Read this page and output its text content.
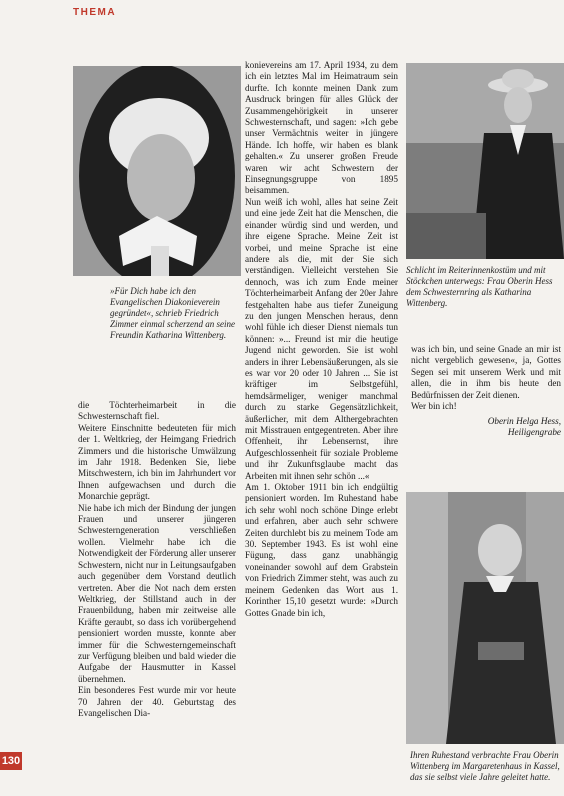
THEMA
»Für Dich habe ich den Evangelischen Diakonieverein gegründet«, schrieb Friedrich Zimmer einmal scherzend an seine Freundin Katharina Wittenberg.
Schlicht im Reiterinnenkostüm und mit Stöckchen unterwegs: Frau Oberin Hess dem Schwesternring als Katharina Wittenberg.
Ihren Ruhestand verbrachte Frau Oberin Wittenberg im Margaretenhaus in Kassel, das sie selbst viele Jahre geleitet hatte.

die Töchterheimarbeit in die Schwesternschaft fiel.

Weitere Einschnitte bedeuteten für mich der 1. Weltkrieg, der Heimgang Friedrich Zimmers und die historische Umwälzung im Jahr 1918. Bedenken Sie, liebe Mitschwestern, ich bin im Jahrhundert vor Ihnen aufgewachsen und durch die Monarchie geprägt.

Nie habe ich mich der Bindung der jungen Frauen und unserer jüngeren Schwesterngeneration verschließen wollen. Vielmehr habe ich die Notwendigkeit der Förderung aller unserer Schwestern, nicht nur in Leitungsaufgaben auch gegenüber dem Vorstand deutlich vertreten. Aber die Not nach dem ersten Weltkrieg, der Stillstand auch in der Frauenbildung, haben mir zeitweise alle Kräfte geraubt, so dass ich vorübergehend pensioniert worden musste, konnte aber immer für die Schwesterngemeinschaft zur Verfügung bleiben und bald wieder die Aufgabe der Hausmutter in Kassel übernehmen.

Ein besonderes Fest wurde mir vor heute 70 Jahren der 40. Geburtstag des Evangelischen Dia-

konievereins am 17. April 1934, zu dem ich ein letztes Mal im Heimatraum sein durfte. Ich konnte meinen Dank zum Ausdruck bringen für alles Glück der Zusammengehörigkeit in unserer Schwesternschaft, und sagen: »Ich gebe unser Vermächtnis weiter in jüngere Hände. Ich hoffe, wir haben es blank gehalten.« Zu unserer großen Freude waren wir acht Schwestern der Einsegnungsgruppe von 1895 beisammen.

Nun weiß ich wohl, alles hat seine Zeit und eine jede Zeit hat die Menschen, die einander würdig sind und werden, und ihre eigene Sprache. Meine Zeit ist vorbei, und meine Sprache ist eine andere als die, mit der Sie sich verständigen. Vielleicht verstehen Sie dennoch, was ich zum Ende meiner Töchterheimarbeit Anfang der 20er Jahre festgehalten habe aus tiefer Zuneigung zu den jungen Menschen heraus, denn wohl fühle ich dieser Dienst niemals tun können: »... Freund ist mir die heutige Jugend nicht geworden. Sie ist wohl anders in ihrer Lebensäußerungen, als sie es war vor 20 oder 10 Jahren ... Sie ist kräftiger im Selbstgefühl, hemdsärmeliger, weniger manchmal durch zu starke Gegensätzlichkeit, äußerlicher, mit dem Althergebrachten mit Misstrauen entgegentreten. Aber ihre Offenheit, ihr Lebensernst, ihre Aufgeschlossenheit für soziale Probleme und ihr Zukunftsglaube macht das Arbeiten mit ihnen sehr schön ...«

Am 1. Oktober 1911 bin ich endgültig pensioniert worden. Im Ruhestand habe ich sehr wohl noch schöne Dinge erlebt und erfahren, aber auch sehr schwere Zeiten durchlebt bis zu meinem Tode am 30. September 1943. Es ist wohl eine Fügung, dass ganz unabhängig voneinander sowohl auf dem Grabstein von Friedrich Zimmer steht, was auch zu meinem Gedenken das Wort aus 1. Korinther 15,10 gesetzt wurde: »Durch Gottes Gnade bin ich,

was ich bin, und seine Gnade an mir ist nicht vergeblich gewesen«, ja, Gottes Segen sei mit unserem Werk und mit allen, die in ihm bis heute den Bedürfnissen der Zeit dienen.

Wer bin ich!

Oberin Helga Hess,
Heiligengrabe
130
